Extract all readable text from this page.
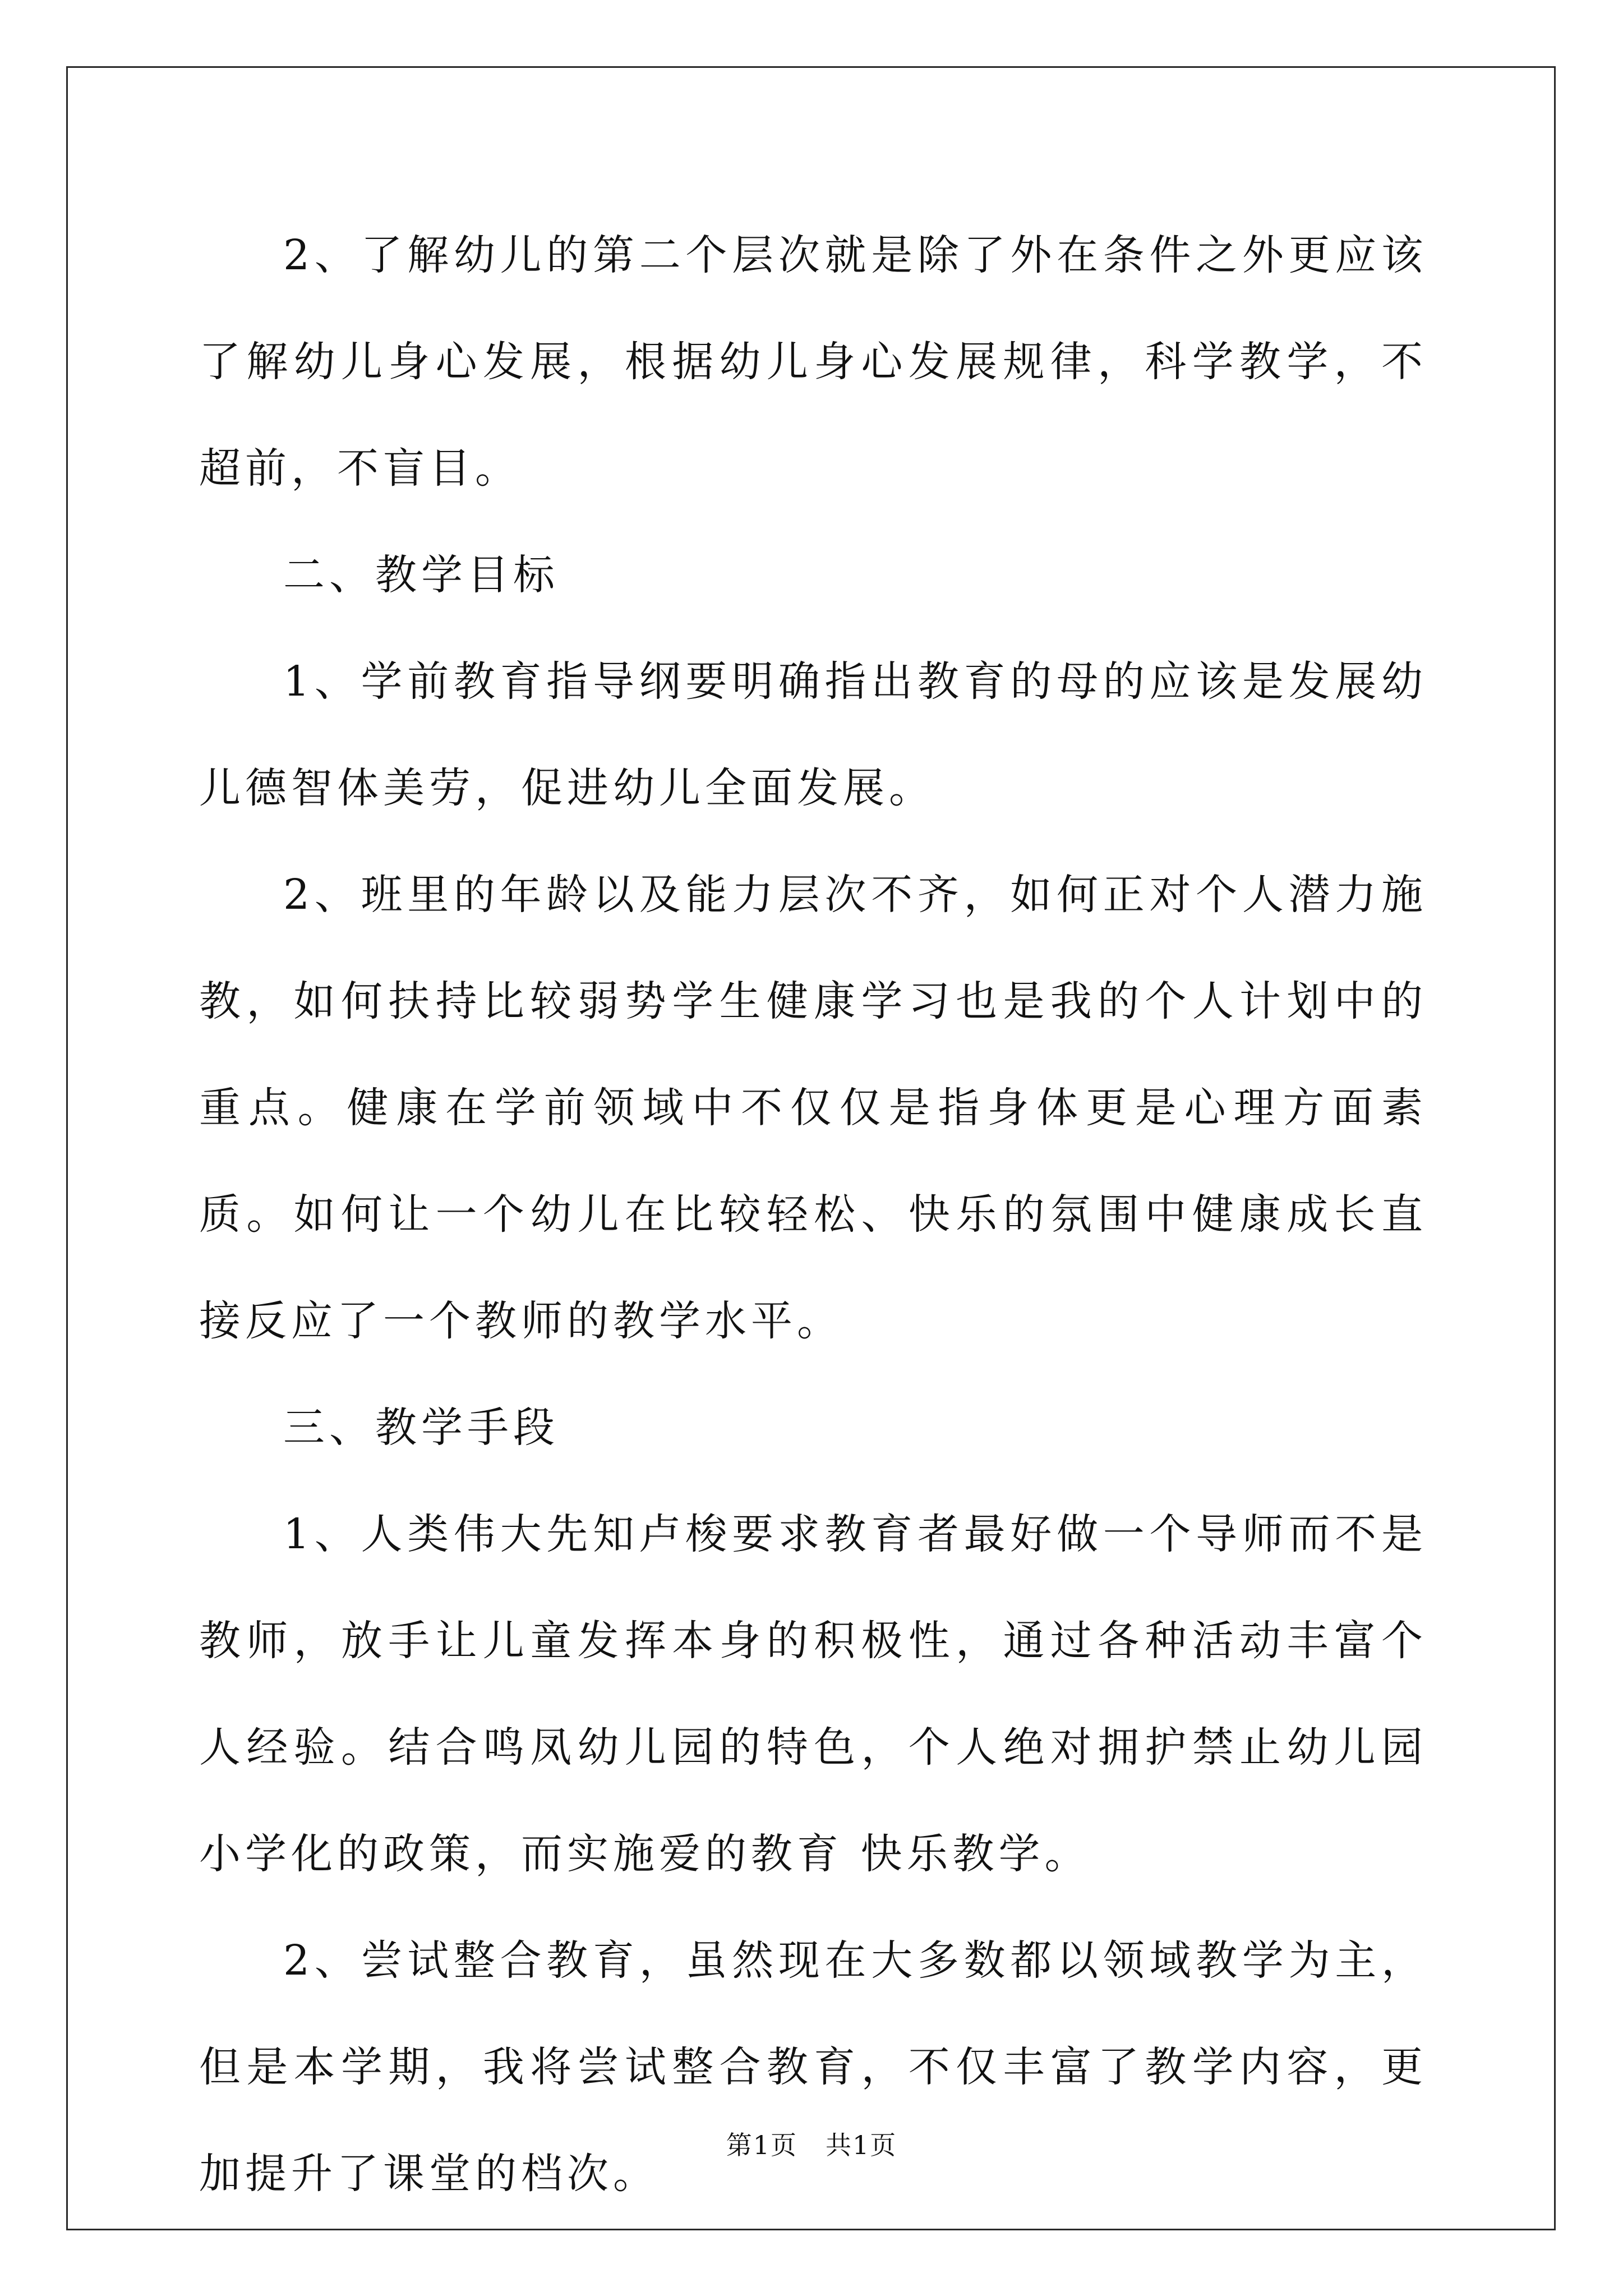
2、了解幼儿的第二个层次就是除了外在条件之外更应该了解幼儿身心发展，根据幼儿身心发展规律，科学教学，不超前，不盲目。

二、教学目标

1、学前教育指导纲要明确指出教育的母的应该是发展幼儿德智体美劳，促进幼儿全面发展。

2、班里的年龄以及能力层次不齐，如何正对个人潜力施教，如何扶持比较弱势学生健康学习也是我的个人计划中的重点。健康在学前领域中不仅仅是指身体更是心理方面素质。如何让一个幼儿在比较轻松、快乐的氛围中健康成长直接反应了一个教师的教学水平。

三、教学手段

1、人类伟大先知卢梭要求教育者最好做一个导师而不是教师，放手让儿童发挥本身的积极性，通过各种活动丰富个人经验。结合鸣凤幼儿园的特色，个人绝对拥护禁止幼儿园小学化的政策，而实施爱的教育 快乐教学。

2、尝试整合教育，虽然现在大多数都以领域教学为主，但是本学期，我将尝试整合教育，不仅丰富了教学内容，更加提升了课堂的档次。

第1页 共1页
